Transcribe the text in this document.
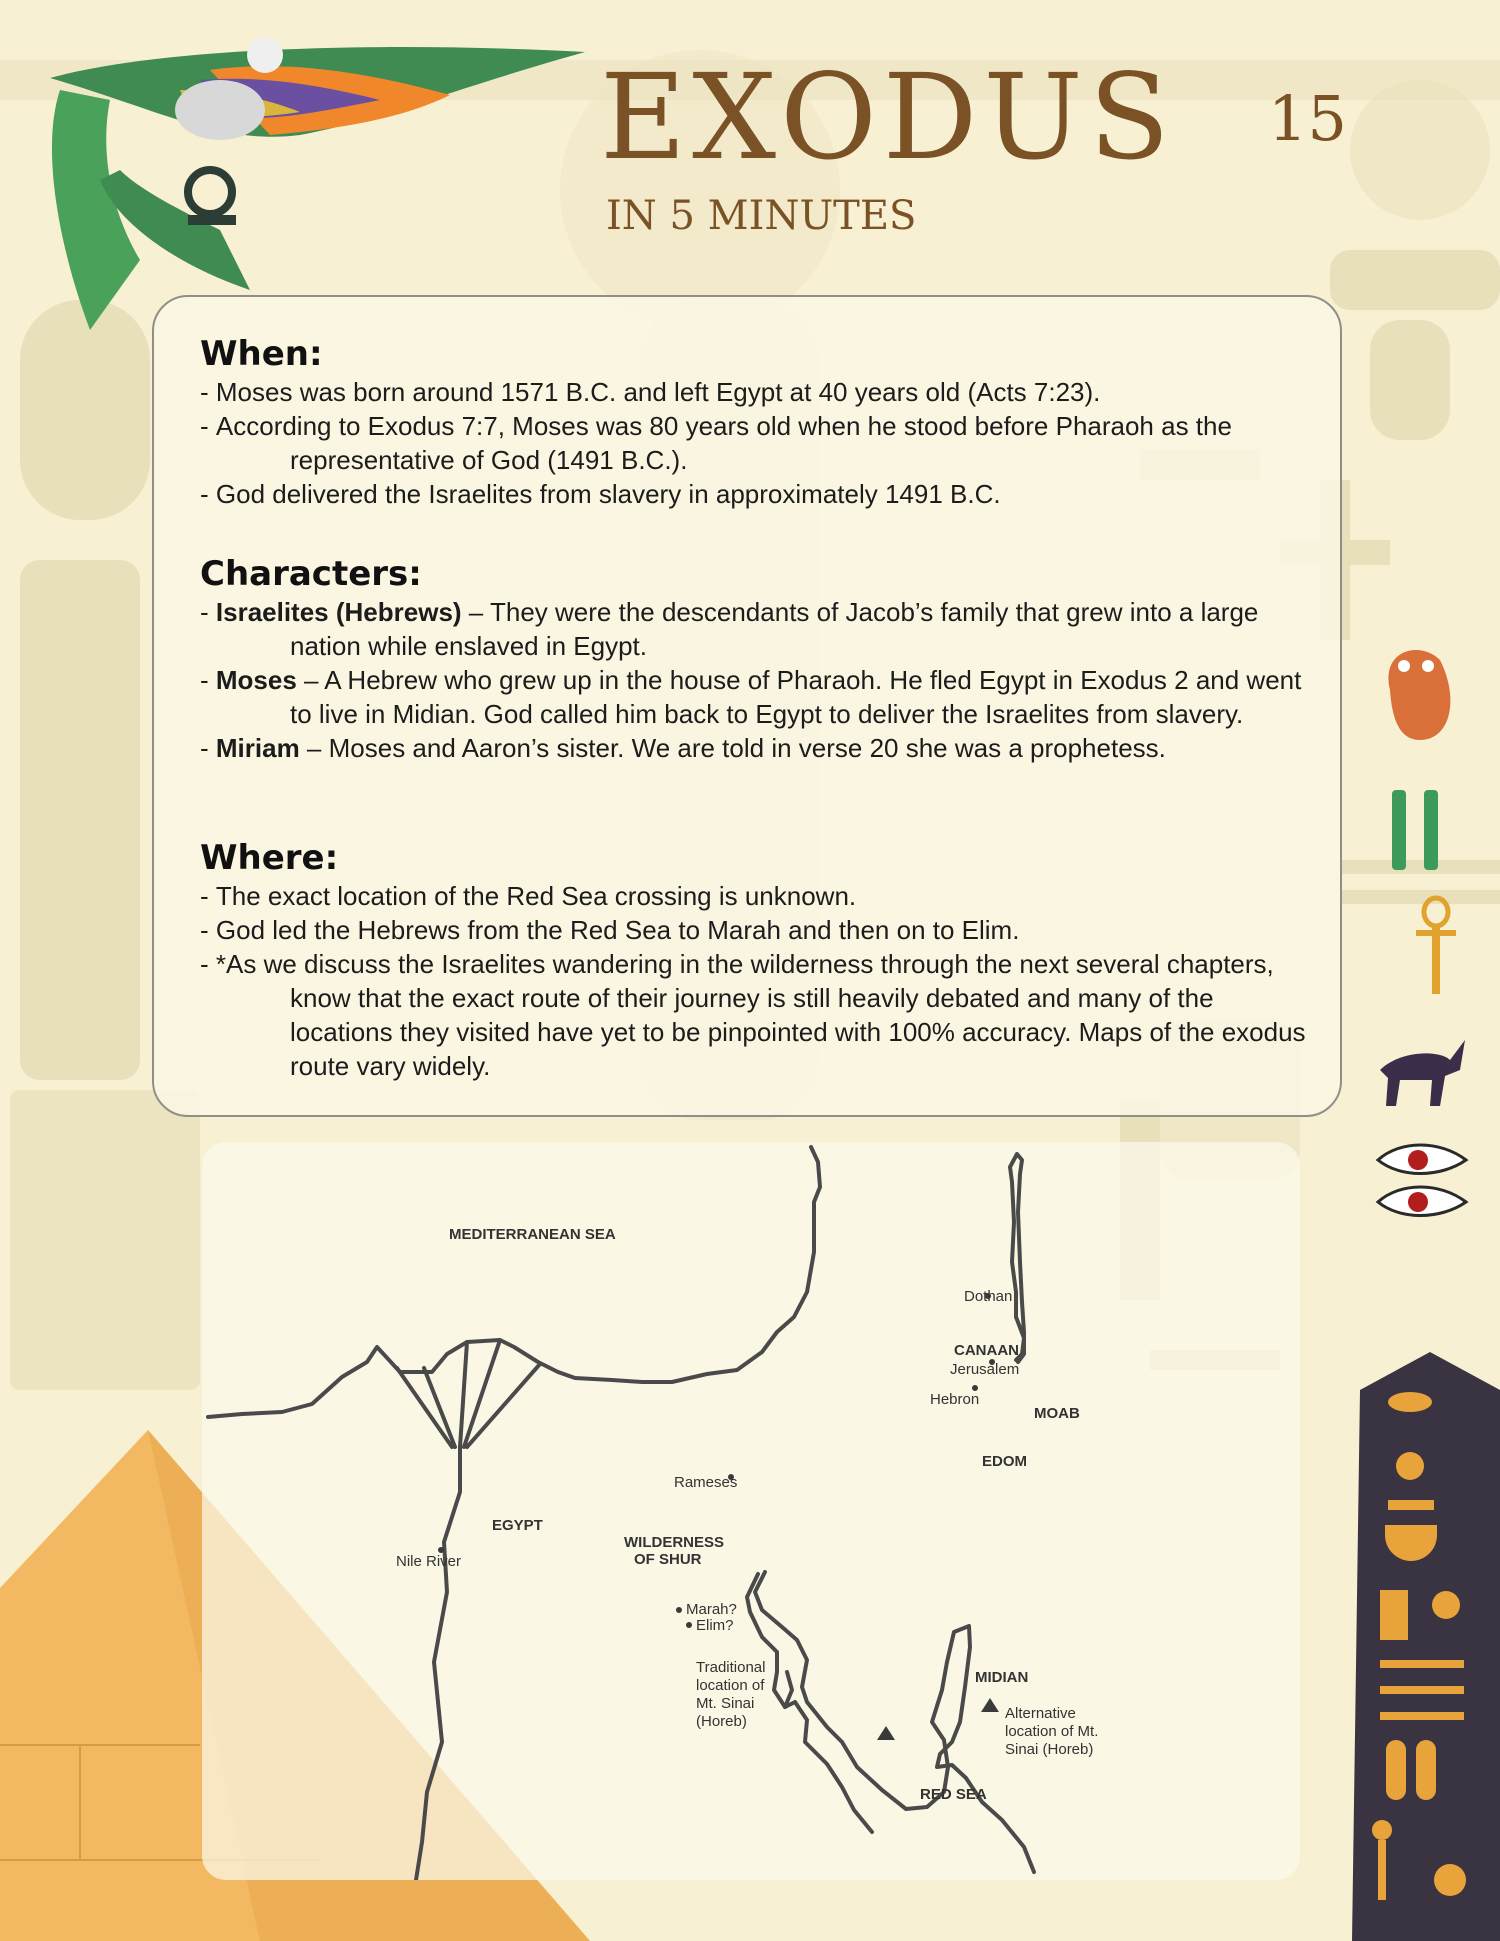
EXODUS 15
IN 5 MINUTES
When:
- Moses was born around 1571 B.C. and left Egypt at 40 years old (Acts 7:23).
- According to Exodus 7:7, Moses was 80 years old when he stood before Pharaoh as the representative of God (1491 B.C.).
- God delivered the Israelites from slavery in approximately 1491 B.C.
Characters:
- Israelites (Hebrews) – They were the descendants of Jacob’s family that grew into a large nation while enslaved in Egypt.
- Moses – A Hebrew who grew up in the house of Pharaoh. He fled Egypt in Exodus 2 and went to live in Midian. God called him back to Egypt to deliver the Israelites from slavery.
- Miriam – Moses and Aaron’s sister. We are told in verse 20 she was a prophetess.
Where:
- The exact location of the Red Sea crossing is unknown.
- God led the Hebrews from the Red Sea to Marah and then on to Elim.
- *As we discuss the Israelites wandering in the wilderness through the next several chapters, know that the exact route of their journey is still heavily debated and many of the locations they visited have yet to be pinpointed with 100% accuracy. Maps of the exodus route vary widely.
MEDITERRANEAN SEA
Dothan
CANAAN
Jerusalem
Hebron
MOAB
EDOM
Rameses
EGYPT
Nile River
WILDERNESS
OF SHUR
Marah?
Elim?
Traditional
location of
Mt. Sinai
(Horeb)
MIDIAN
Alternative
location of Mt.
Sinai (Horeb)
RED SEA
